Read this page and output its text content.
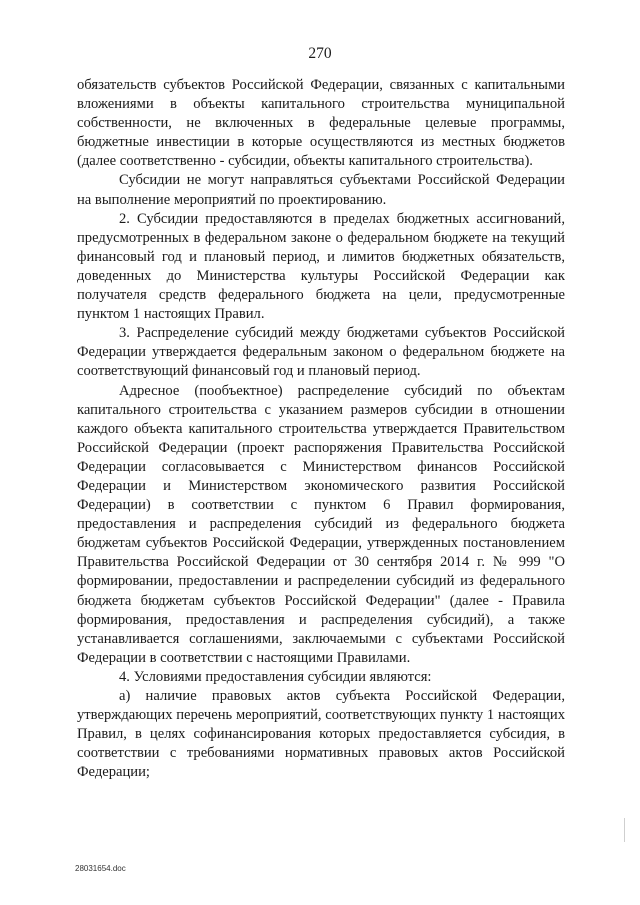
270

обязательств субъектов Российской Федерации, связанных с капитальными вложениями в объекты капитального строительства муниципальной собственности, не включенных в федеральные целевые программы, бюджетные инвестиции в которые осуществляются из местных бюджетов (далее соответственно - субсидии, объекты капитального строительства).

Субсидии не могут направляться субъектами Российской Федерации на выполнение мероприятий по проектированию.

2. Субсидии предоставляются в пределах бюджетных ассигнований, предусмотренных в федеральном законе о федеральном бюджете на текущий финансовый год и плановый период, и лимитов бюджетных обязательств, доведенных до Министерства культуры Российской Федерации как получателя средств федерального бюджета на цели, предусмотренные пунктом 1 настоящих Правил.

3. Распределение субсидий между бюджетами субъектов Российской Федерации утверждается федеральным законом о федеральном бюджете на соответствующий финансовый год и плановый период.

Адресное (пообъектное) распределение субсидий по объектам капитального строительства с указанием размеров субсидии в отношении каждого объекта капитального строительства утверждается Правительством Российской Федерации (проект распоряжения Правительства Российской Федерации согласовывается с Министерством финансов Российской Федерации и Министерством экономического развития Российской Федерации) в соответствии с пунктом 6 Правил формирования, предоставления и распределения субсидий из федерального бюджета бюджетам субъектов Российской Федерации, утвержденных постановлением Правительства Российской Федерации от 30 сентября 2014 г. № 999 "О формировании, предоставлении и распределении субсидий из федерального бюджета бюджетам субъектов Российской Федерации" (далее - Правила формирования, предоставления и распределения субсидий), а также устанавливается соглашениями, заключаемыми с субъектами Российской Федерации в соответствии с настоящими Правилами.

4. Условиями предоставления субсидии являются:

а) наличие правовых актов субъекта Российской Федерации, утверждающих перечень мероприятий, соответствующих пункту 1 настоящих Правил, в целях софинансирования которых предоставляется субсидия, в соответствии с требованиями нормативных правовых актов Российской Федерации;

28031654.doc
